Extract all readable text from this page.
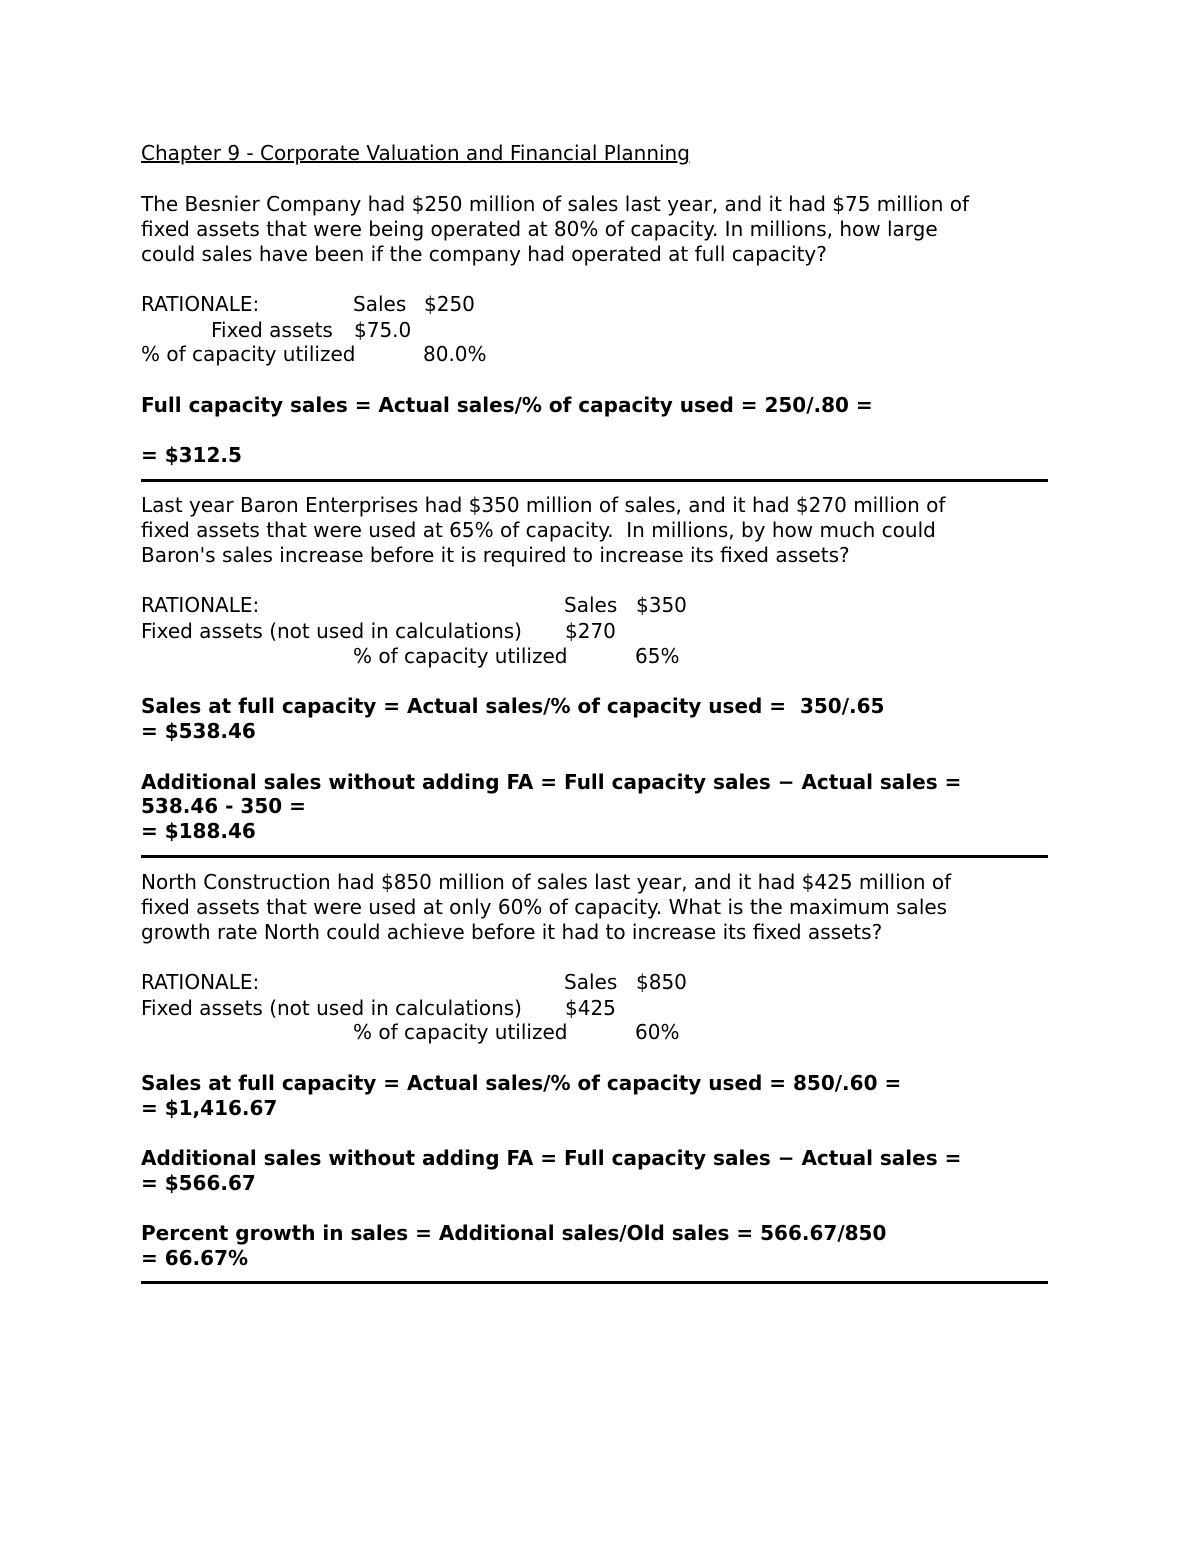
Chapter 9 - Corporate Valuation and Financial Planning
The Besnier Company had $250 million of sales last year, and it had $75 million of
fixed assets that were being operated at 80% of capacity. In millions, how large
could sales have been if the company had operated at full capacity?
RATIONALE:	Sales $250
Fixed assets $75.0
% of capacity utilized	80.0%
Full capacity sales = Actual sales/% of capacity used = 250/.80 =
= $312.5
Last year Baron Enterprises had $350 million of sales, and it had $270 million of
fixed assets that were used at 65% of capacity.  In millions, by how much could
Baron's sales increase before it is required to increase its fixed assets?
RATIONALE:	Sales $350
Fixed assets (not used in calculations) $270
% of capacity utilized	65%
Sales at full capacity = Actual sales/% of capacity used =  350/.65
= $538.46
Additional sales without adding FA = Full capacity sales − Actual sales =
538.46 - 350 =
= $188.46
North Construction had $850 million of sales last year, and it had $425 million of
fixed assets that were used at only 60% of capacity. What is the maximum sales
growth rate North could achieve before it had to increase its fixed assets?
RATIONALE:	Sales $850
Fixed assets (not used in calculations) $425
% of capacity utilized	60%
Sales at full capacity = Actual sales/% of capacity used = 850/.60 =
= $1,416.67
Additional sales without adding FA = Full capacity sales − Actual sales =
= $566.67
Percent growth in sales = Additional sales/Old sales = 566.67/850
= 66.67%
